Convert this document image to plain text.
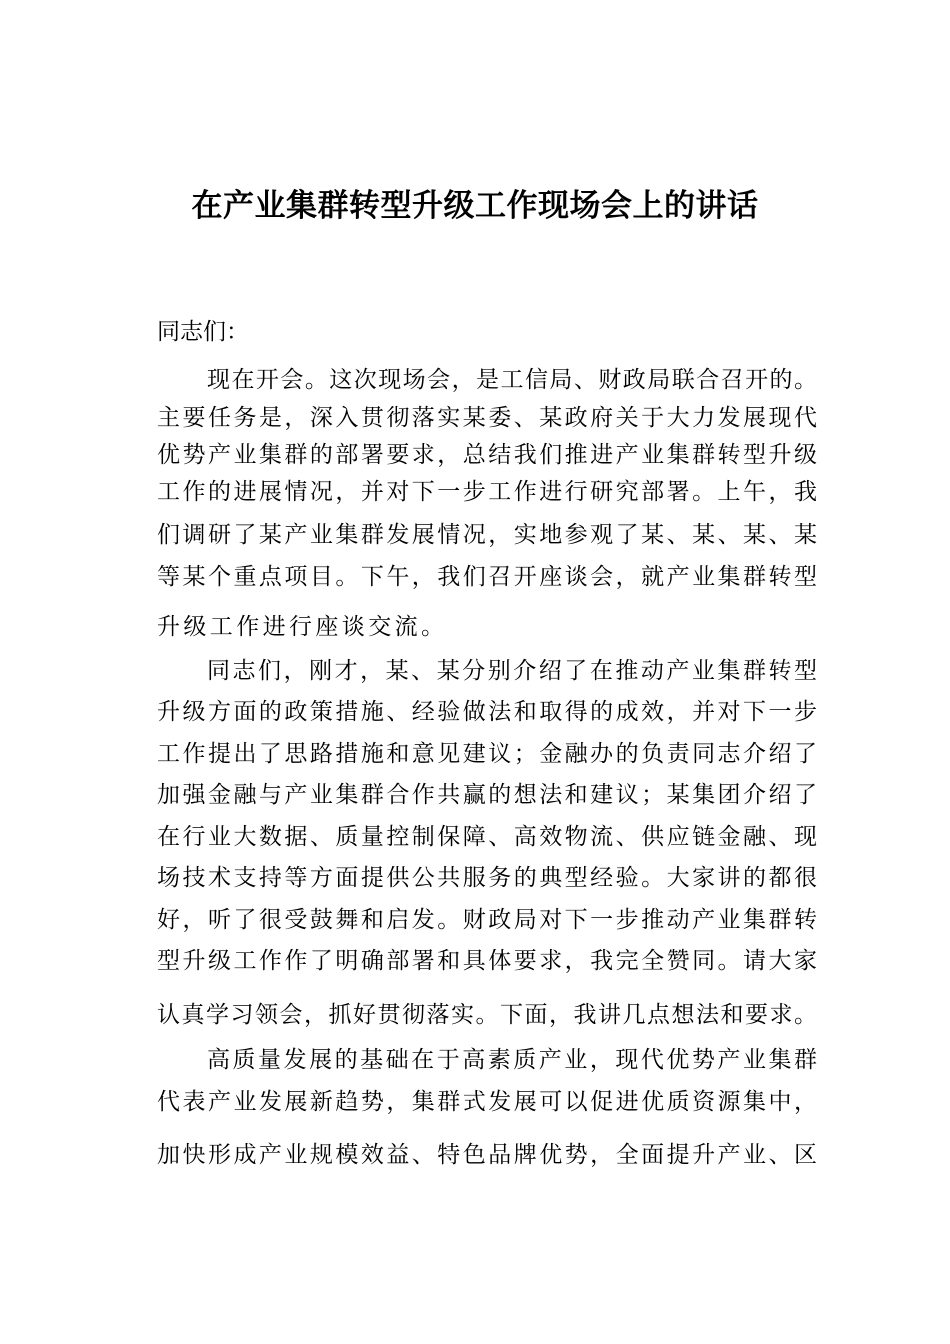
在产业集群转型升级工作现场会上的讲话

同志们：

现在开会。这次现场会，是工信局、财政局联合召开的。

主要任务是，深入贯彻落实某委、某政府关于大力发展现代

优势产业集群的部署要求，总结我们推进产业集群转型升级

工作的进展情况，并对下一步工作进行研究部署。上午，我

们调研了某产业集群发展情况，实地参观了某、某、某、某

等某个重点项目。下午，我们召开座谈会，就产业集群转型

升级工作进行座谈交流。

同志们，刚才，某、某分别介绍了在推动产业集群转型

升级方面的政策措施、经验做法和取得的成效，并对下一步

工作提出了思路措施和意见建议；金融办的负责同志介绍了

加强金融与产业集群合作共赢的想法和建议；某集团介绍了

在行业大数据、质量控制保障、高效物流、供应链金融、现

场技术支持等方面提供公共服务的典型经验。大家讲的都很

好，听了很受鼓舞和启发。财政局对下一步推动产业集群转

型升级工作作了明确部署和具体要求，我完全赞同。请大家

认真学习领会，抓好贯彻落实。下面，我讲几点想法和要求。

高质量发展的基础在于高素质产业，现代优势产业集群

代表产业发展新趋势，集群式发展可以促进优质资源集中，

加快形成产业规模效益、特色品牌优势，全面提升产业、区
